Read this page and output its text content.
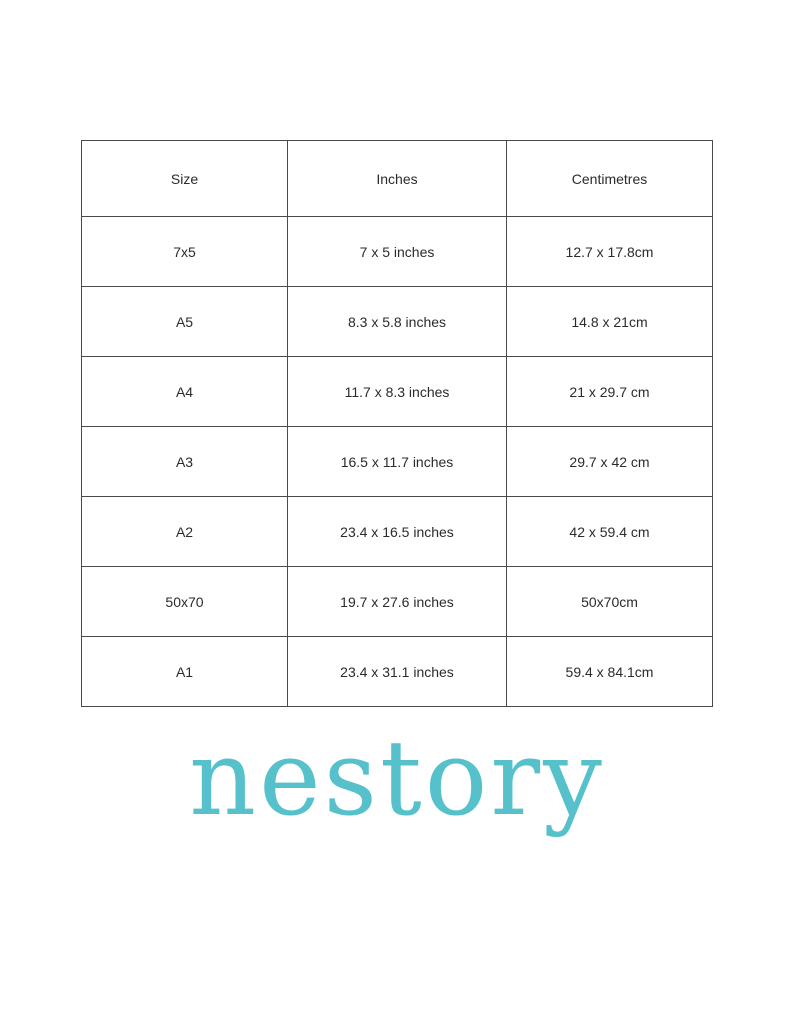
Size	Inches	Centimetres
7x5	7 x 5 inches	12.7 x 17.8cm
A5	8.3 x 5.8 inches	14.8 x 21cm
A4	11.7 x 8.3 inches	21 x 29.7 cm
A3	16.5 x 11.7 inches	29.7 x 42 cm
A2	23.4 x 16.5 inches	42 x 59.4 cm
50x70	19.7 x 27.6 inches	50x70cm
A1	23.4 x 31.1 inches	59.4 x 84.1cm
nestory
